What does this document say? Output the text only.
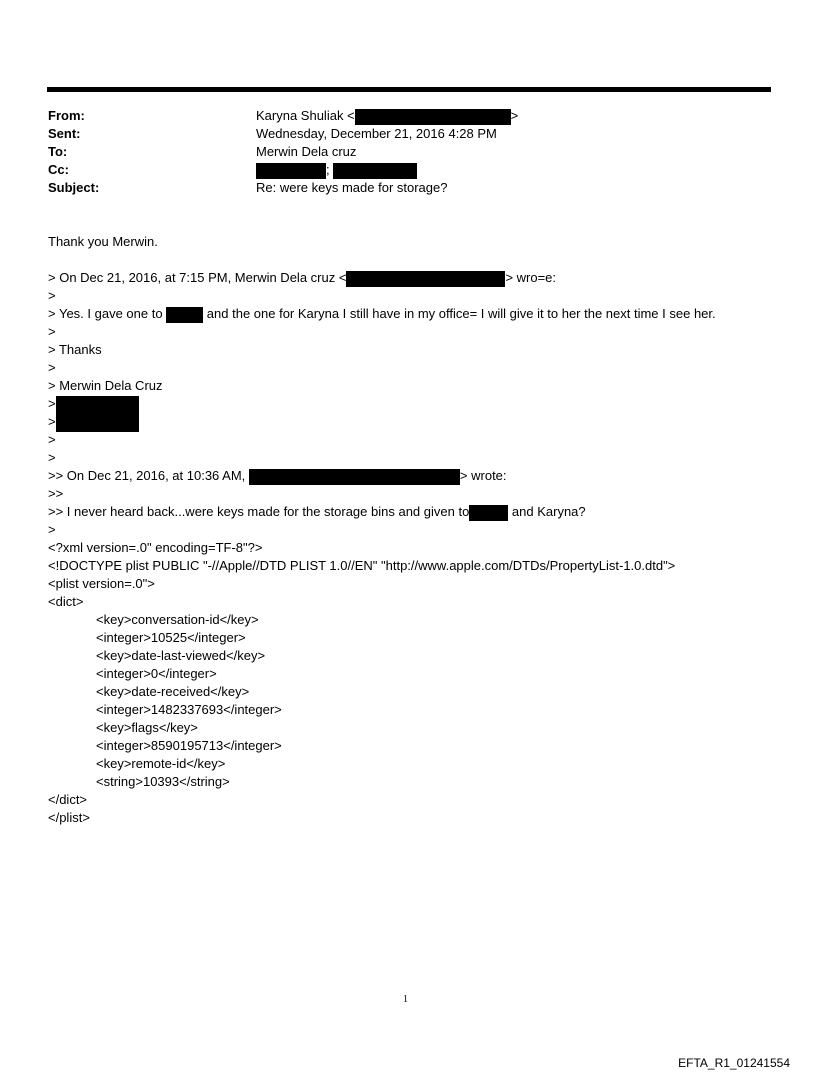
From:	Karyna Shuliak <	>
Sent:	Wednesday, December 21, 2016 4:28 PM
To:	Merwin Dela cruz
Cc:	;
Subject:	Re: were keys made for storage?
Thank you Merwin.
> On Dec 21, 2016, at 7:15 PM, Merwin Dela cruz <	> wro=e:
>
> Yes. I gave one to	and the one for Karyna I still have in my office= I will give it to her the next time I see her.
>
> Thanks
>
> Merwin Dela Cruz
>
>
>
>
>> On Dec 21, 2016, at 10:36 AM,	> wrote:
>>
>> I never heard back...were keys made for the storage bins and given to	and Karyna?
>
<?xml version=.0" encoding=TF-8"?>
<!DOCTYPE plist PUBLIC "-//Apple//DTD PLIST 1.0//EN" "http://www.apple.com/DTDs/PropertyList-1.0.dtd">
<plist version=.0">
<dict>
<key>conversation-id</key>
<integer>10525</integer>
<key>date-last-viewed</key>
<integer>0</integer>
<key>date-received</key>
<integer>1482337693</integer>
<key>flags</key>
<integer>8590195713</integer>
<key>remote-id</key>
<string>10393</string>
</dict>
</plist>
1
EFTA_R1_01241554
